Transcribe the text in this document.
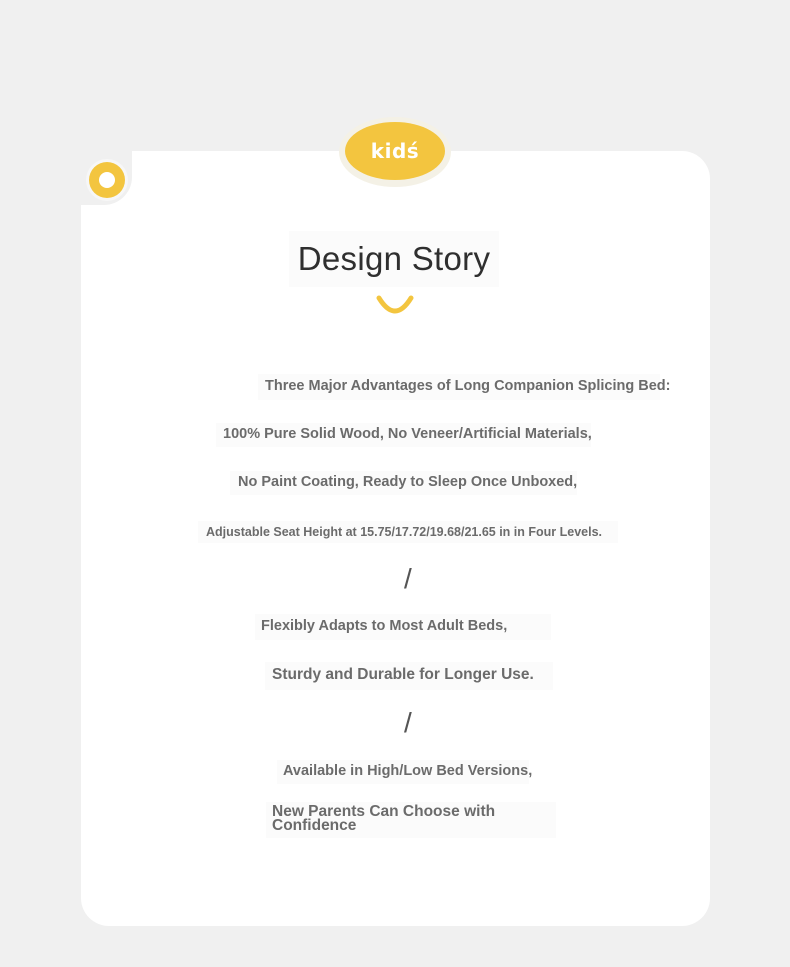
kidś
Design Story
Three Major Advantages of Long Companion Splicing Bed:
100% Pure Solid Wood, No Veneer/Artificial Materials,
No Paint Coating, Ready to Sleep Once Unboxed,
Adjustable Seat Height at 15.75/17.72/19.68/21.65 in in Four Levels.
/
Flexibly Adapts to Most Adult Beds,
Sturdy and Durable for Longer Use.
/
Available in High/Low Bed Versions,
New Parents Can Choose with Confidence
